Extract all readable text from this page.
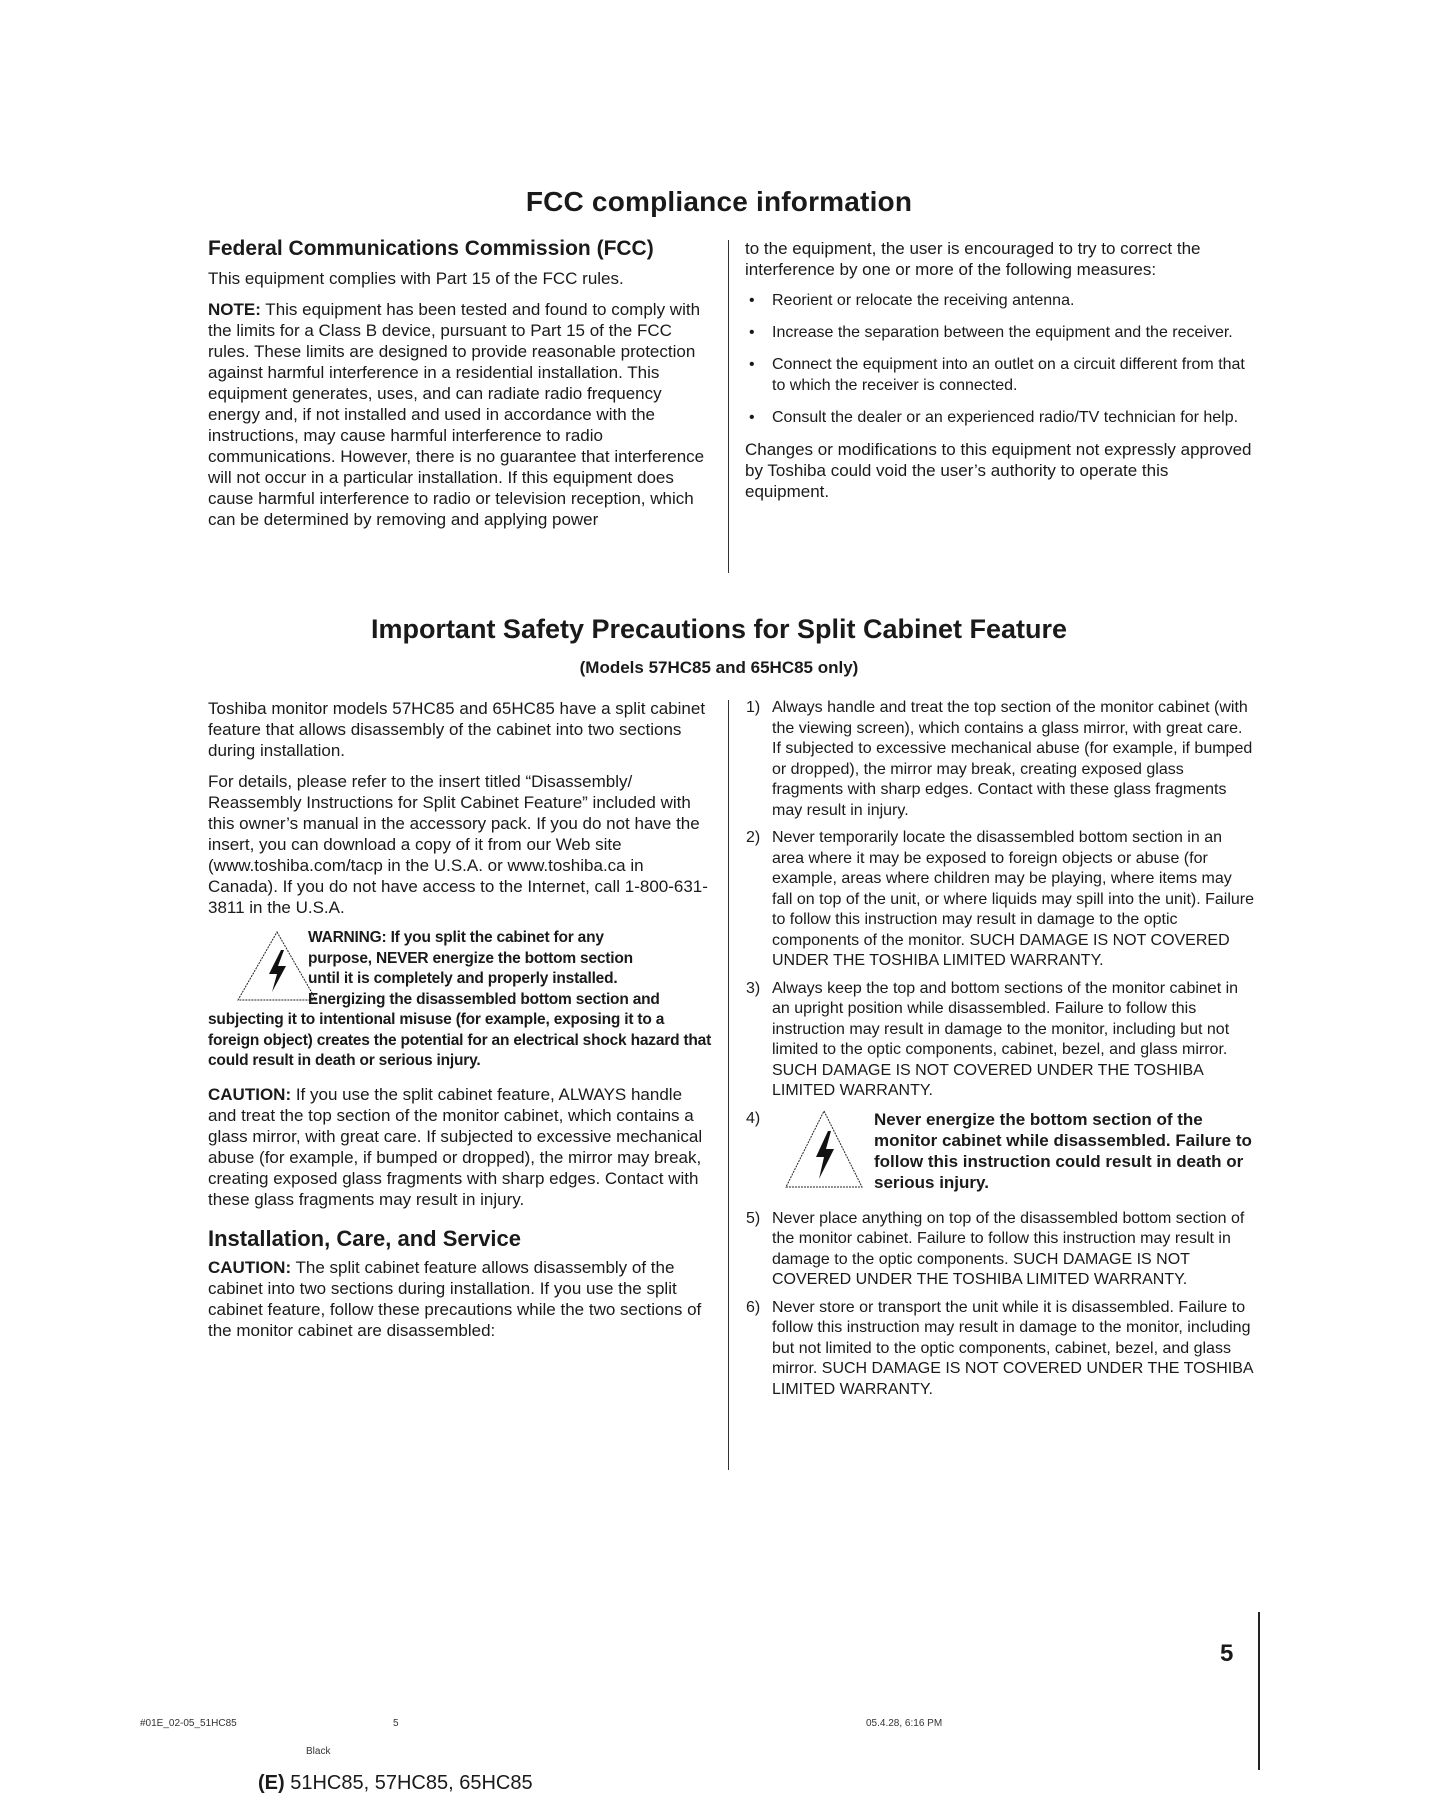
FCC compliance information
Federal Communications Commission (FCC)

This equipment complies with Part 15 of the FCC rules.

NOTE: This equipment has been tested and found to comply with the limits for a Class B device, pursuant to Part 15 of the FCC rules. These limits are designed to provide reasonable protection against harmful interference in a residential installation. This equipment generates, uses, and can radiate radio frequency energy and, if not installed and used in accordance with the instructions, may cause harmful interference to radio communications. However, there is no guarantee that interference will not occur in a particular installation. If this equipment does cause harmful interference to radio or television reception, which can be determined by removing and applying power

to the equipment, the user is encouraged to try to correct the interference by one or more of the following measures:

• Reorient or relocate the receiving antenna.
• Increase the separation between the equipment and the receiver.
• Connect the equipment into an outlet on a circuit different from that to which the receiver is connected.
• Consult the dealer or an experienced radio/TV technician for help.

Changes or modifications to this equipment not expressly approved by Toshiba could void the user’s authority to operate this equipment.

Important Safety Precautions for Split Cabinet Feature
(Models 57HC85 and 65HC85 only)

Toshiba monitor models 57HC85 and 65HC85 have a split cabinet feature that allows disassembly of the cabinet into two sections during installation.

For details, please refer to the insert titled “Disassembly/ Reassembly Instructions for Split Cabinet Feature” included with this owner’s manual in the accessory pack. If you do not have the insert, you can download a copy of it from our Web site (www.toshiba.com/tacp in the U.S.A. or www.toshiba.ca in Canada). If you do not have access to the Internet, call 1-800-631-3811 in the U.S.A.

WARNING: If you split the cabinet for any
purpose, NEVER energize the bottom section
until it is completely and properly installed.
Energizing the disassembled bottom section and
subjecting it to intentional misuse (for example, exposing it to a foreign object) creates the potential for an electrical shock hazard that could result in death or serious injury.

CAUTION: If you use the split cabinet feature, ALWAYS handle and treat the top section of the monitor cabinet, which contains a glass mirror, with great care. If subjected to excessive mechanical abuse (for example, if bumped or dropped), the mirror may break, creating exposed glass fragments with sharp edges. Contact with these glass fragments may result in injury.

Installation, Care, and Service

CAUTION: The split cabinet feature allows disassembly of the cabinet into two sections during installation. If you use the split cabinet feature, follow these precautions while the two sections of the monitor cabinet are disassembled:

1) Always handle and treat the top section of the monitor cabinet (with the viewing screen), which contains a glass mirror, with great care. If subjected to excessive mechanical abuse (for example, if bumped or dropped), the mirror may break, creating exposed glass fragments with sharp edges. Contact with these glass fragments may result in injury.
2) Never temporarily locate the disassembled bottom section in an area where it may be exposed to foreign objects or abuse (for example, areas where children may be playing, where items may fall on top of the unit, or where liquids may spill into the unit). Failure to follow this instruction may result in damage to the optic components of the monitor. SUCH DAMAGE IS NOT COVERED UNDER THE TOSHIBA LIMITED WARRANTY.
3) Always keep the top and bottom sections of the monitor cabinet in an upright position while disassembled. Failure to follow this instruction may result in damage to the monitor, including but not limited to the optic components, cabinet, bezel, and glass mirror. SUCH DAMAGE IS NOT COVERED UNDER THE TOSHIBA LIMITED WARRANTY.
4)	Never energize the bottom section of the monitor cabinet while disassembled. Failure to follow this instruction could result in death or serious injury.
5) Never place anything on top of the disassembled bottom section of the monitor cabinet. Failure to follow this instruction may result in damage to the optic components. SUCH DAMAGE IS NOT COVERED UNDER THE TOSHIBA LIMITED WARRANTY.
6) Never store or transport the unit while it is disassembled. Failure to follow this instruction may result in damage to the monitor, including but not limited to the optic components, cabinet, bezel, and glass mirror. SUCH DAMAGE IS NOT COVERED UNDER THE TOSHIBA LIMITED WARRANTY.
5
#01E_02-05_51HC85	5	05.4.28, 6:16 PM
Black
(E) 51HC85, 57HC85, 65HC85
